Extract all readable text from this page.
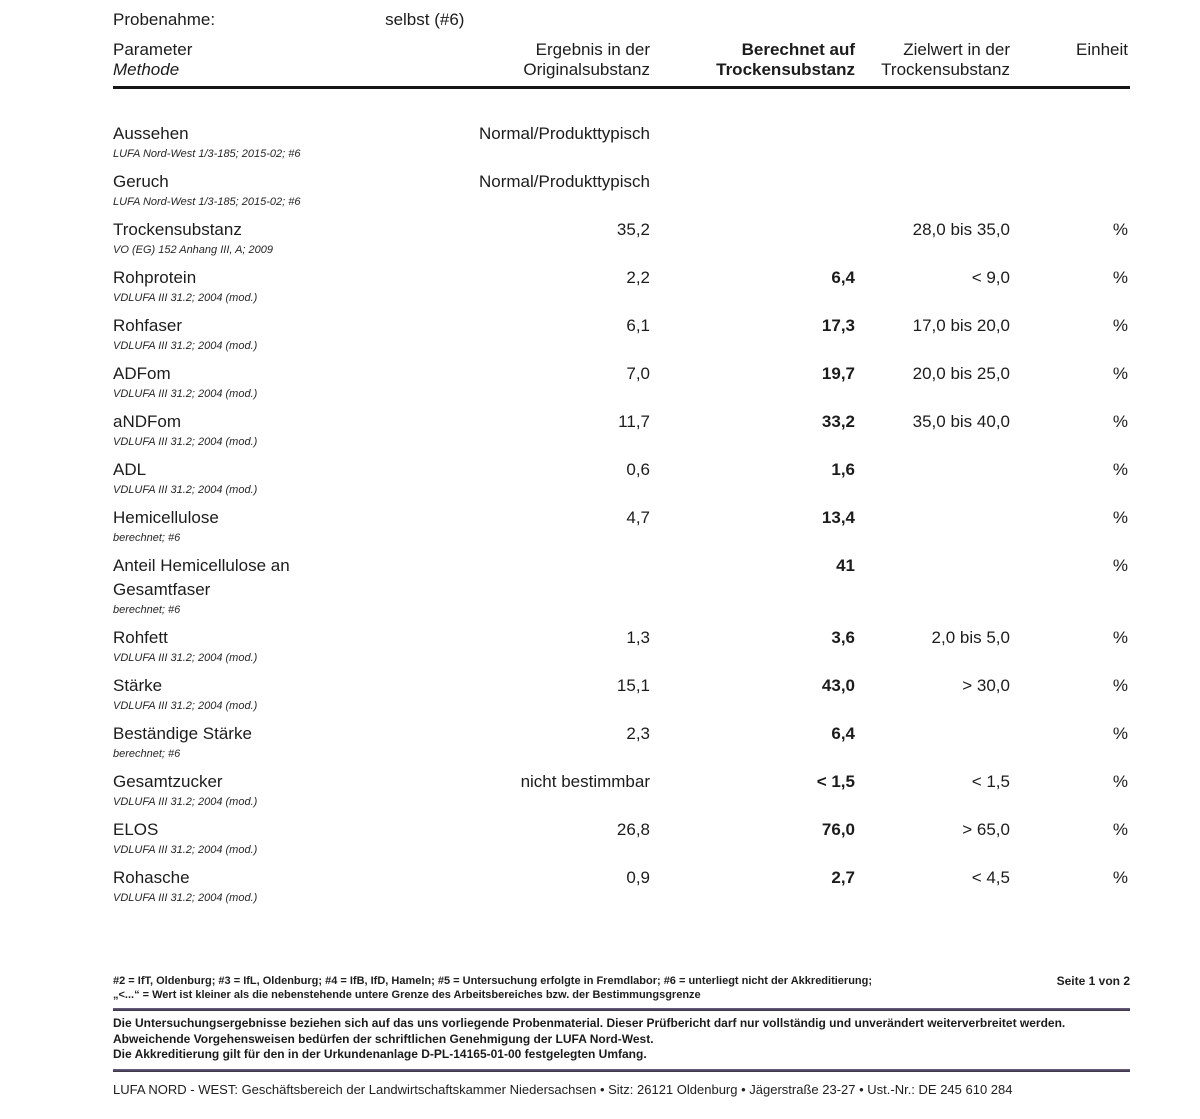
Probenahme:	selbst (#6)
Parameter
Methode
	Ergebnis in der
Originalsubstanz
	Berechnet auf
Trockensubstanz
	Zielwert in der
Trockensubstanz
	Einheit
Aussehen
LUFA Nord-West 1/3-185; 2015-02; #6	Normal/Produkttypisch			

Geruch
LUFA Nord-West 1/3-185; 2015-02; #6	Normal/Produkttypisch			

Trockensubstanz
VO (EG) 152 Anhang III, A; 2009	35,2		28,0 bis 35,0	%

Rohprotein
VDLUFA III 31.2; 2004 (mod.)	2,2	6,4	< 9,0	%

Rohfaser
VDLUFA III 31.2; 2004 (mod.)	6,1	17,3	17,0 bis 20,0	%

ADFom
VDLUFA III 31.2; 2004 (mod.)	7,0	19,7	20,0 bis 25,0	%

aNDFom
VDLUFA III 31.2; 2004 (mod.)	11,7	33,2	35,0 bis 40,0	%

ADL
VDLUFA III 31.2; 2004 (mod.)	0,6	1,6		%

Hemicellulose
berechnet; #6	4,7	13,4		%

Anteil Hemicellulose an Gesamtfaser
berechnet; #6		41		%

Rohfett
VDLUFA III 31.2; 2004 (mod.)	1,3	3,6	2,0 bis 5,0	%

Stärke
VDLUFA III 31.2; 2004 (mod.)	15,1	43,0	> 30,0	%

Beständige Stärke
berechnet; #6	2,3	6,4		%

Gesamtzucker
VDLUFA III 31.2; 2004 (mod.)	nicht bestimmbar	< 1,5	< 1,5	%

ELOS
VDLUFA III 31.2; 2004 (mod.)	26,8	76,0	> 65,0	%

Rohasche
VDLUFA III 31.2; 2004 (mod.)	0,9	2,7	< 4,5	%
#2 = IfT, Oldenburg; #3 = IfL, Oldenburg; #4 = IfB, IfD, Hameln; #5 = Untersuchung erfolgte in Fremdlabor; #6 = unterliegt nicht der Akkreditierung;	Seite 1 von 2
„<...“ = Wert ist kleiner als die nebenstehende untere Grenze des Arbeitsbereiches bzw. der Bestimmungsgrenze
Die Untersuchungsergebnisse beziehen sich auf das uns vorliegende Probenmaterial. Dieser Prüfbericht darf nur vollständig und unverändert weiterverbreitet werden.
Abweichende Vorgehensweisen bedürfen der schriftlichen Genehmigung der LUFA Nord-West.
Die Akkreditierung gilt für den in der Urkundenanlage D-PL-14165-01-00 festgelegten Umfang.
LUFA NORD - WEST: Geschäftsbereich der Landwirtschaftskammer Niedersachsen • Sitz: 26121 Oldenburg • Jägerstraße 23-27 • Ust.-Nr.: DE 245 610 284
